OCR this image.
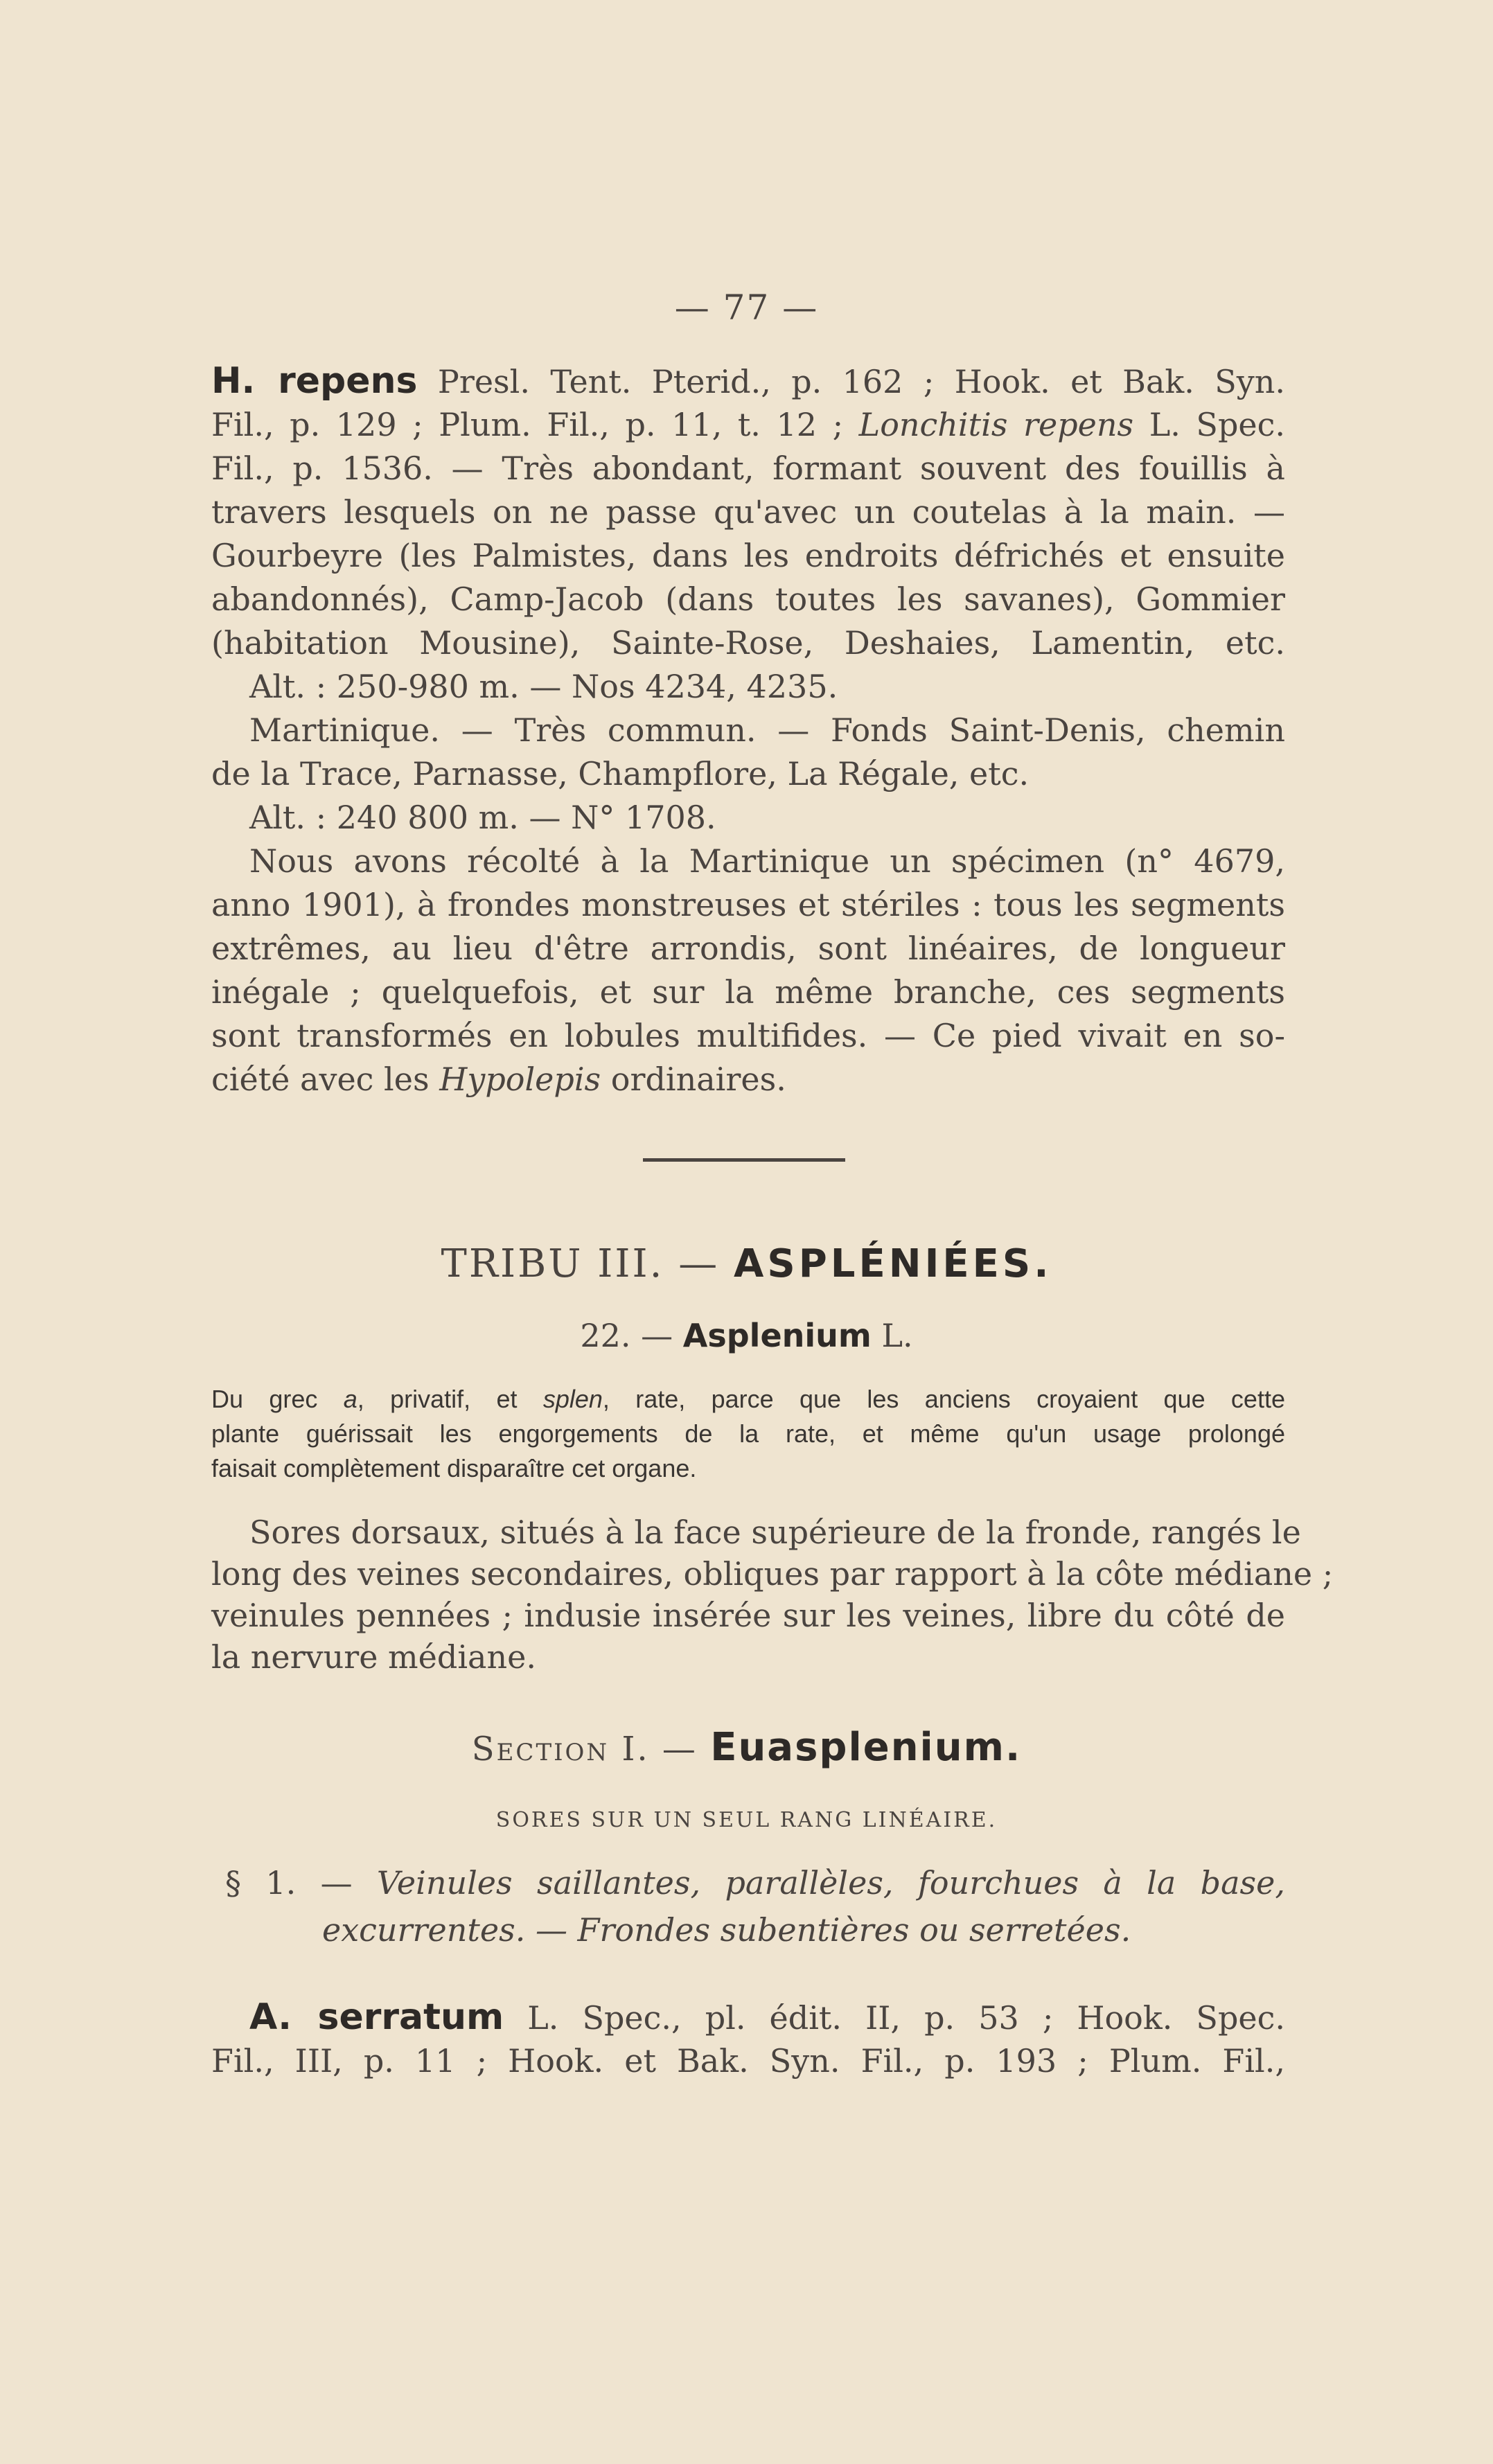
— 77 —
H. repens Presl. Tent. Pterid., p. 162 ; Hook. et Bak. Syn.
Fil., p. 129 ; Plum. Fil., p. 11, t. 12 ; Lonchitis repens L. Spec.
Fil., p. 1536. — Très abondant, formant souvent des fouillis à
travers lesquels on ne passe qu'avec un coutelas à la main. —
Gourbeyre (les Palmistes, dans les endroits défrichés et ensuite
abandonnés), Camp-Jacob (dans toutes les savanes), Gommier
(habitation Mousine), Sainte-Rose, Deshaies, Lamentin, etc.
Alt. : 250-980 m. — Nos 4234, 4235.
Martinique. — Très commun. — Fonds Saint-Denis, chemin
de la Trace, Parnasse, Champflore, La Régale, etc.
Alt. : 240 800 m. — N° 1708.
Nous avons récolté à la Martinique un spécimen (n° 4679,
anno 1901), à frondes monstreuses et stériles : tous les segments
extrêmes, au lieu d'être arrondis, sont linéaires, de longueur
inégale ; quelquefois, et sur la même branche, ces segments
sont transformés en lobules multifides. — Ce pied vivait en so-
ciété avec les Hypolepis ordinaires.
TRIBU III. — ASPLÉNIÉES.
22. — Asplenium L.
Du grec a, privatif, et splen, rate, parce que les anciens croyaient que cette
plante guérissait les engorgements de la rate, et même qu'un usage prolongé
faisait complètement disparaître cet organe.
Sores dorsaux, situés à la face supérieure de la fronde, rangés le
long des veines secondaires, obliques par rapport à la côte médiane ;
veinules pennées ; indusie insérée sur les veines, libre du côté de
la nervure médiane.
Section I. — Euasplenium.
SORES SUR UN SEUL RANG LINÉAIRE.
§ 1. — Veinules saillantes, parallèles, fourchues à la base,
excurrentes. — Frondes subentières ou serretées.
A. serratum L. Spec., pl. édit. II, p. 53 ; Hook. Spec.
Fil., III, p. 11 ; Hook. et Bak. Syn. Fil., p. 193 ; Plum. Fil.,
